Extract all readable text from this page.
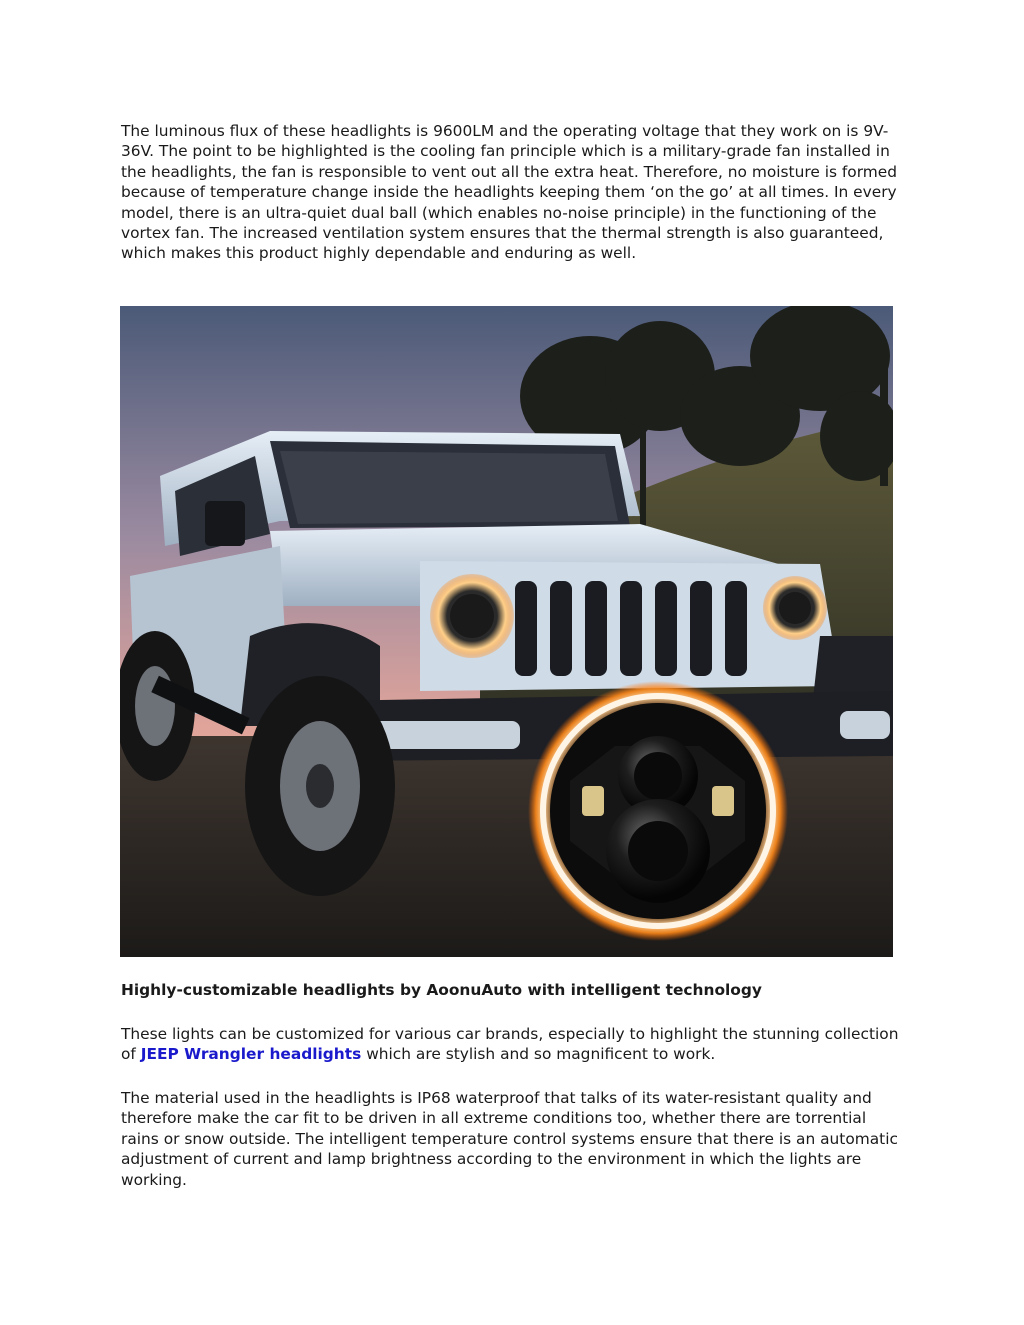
The luminous flux of these headlights is 9600LM and the operating voltage that they work on is 9V-36V. The point to be highlighted is the cooling fan principle which is a military-grade fan installed in the headlights, the fan is responsible to vent out all the extra heat. Therefore, no moisture is formed because of temperature change inside the headlights keeping them ‘on the go’ at all times. In every model, there is an ultra-quiet dual ball (which enables no-noise principle) in the functioning of the vortex fan. The increased ventilation system ensures that the thermal strength is also guaranteed, which makes this product highly dependable and enduring as well.

Highly-customizable headlights by AoonuAuto with intelligent technology

These lights can be customized for various car brands, especially to highlight the stunning collection of JEEP Wrangler headlights which are stylish and so magnificent to work.

The material used in the headlights is IP68 waterproof that talks of its water-resistant quality and therefore make the car fit to be driven in all extreme conditions too, whether there are torrential rains or snow outside. The intelligent temperature control systems ensure that there is an automatic adjustment of current and lamp brightness according to the environment in which the lights are working.
